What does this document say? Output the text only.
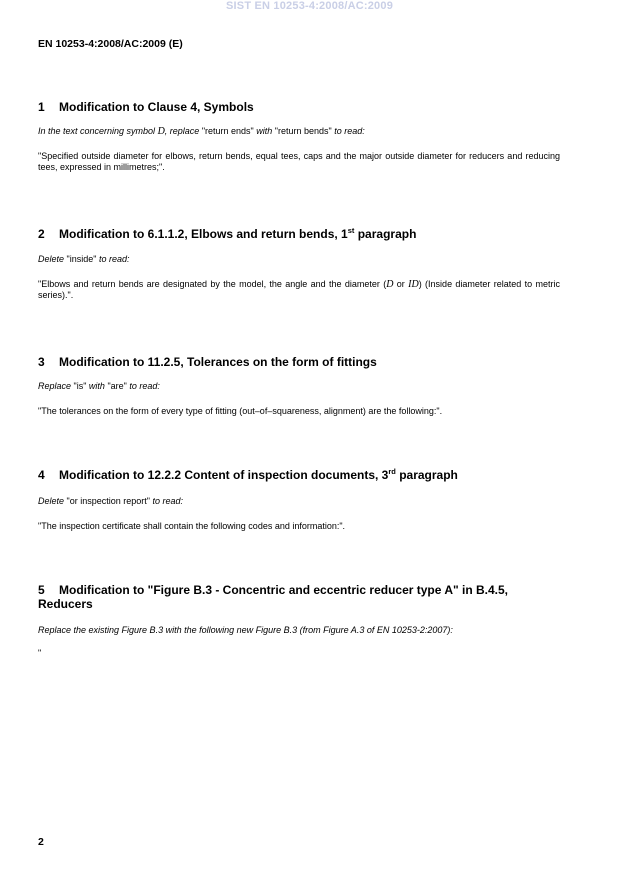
SIST EN 10253-4:2008/AC:2009
EN 10253-4:2008/AC:2009 (E)
1 Modification to Clause 4, Symbols
In the text concerning symbol D, replace "return ends" with "return bends" to read:
"Specified outside diameter for elbows, return bends, equal tees, caps and the major outside diameter for reducers and reducing tees, expressed in millimetres;".
2 Modification to 6.1.1.2, Elbows and return bends, 1st paragraph
Delete "inside" to read:
"Elbows and return bends are designated by the model, the angle and the diameter (D or ID) (Inside diameter related to metric series).".
3 Modification to 11.2.5, Tolerances on the form of fittings
Replace "is" with "are" to read:
"The tolerances on the form of every type of fitting (out–of–squareness, alignment) are the following:".
4 Modification to 12.2.2 Content of inspection documents, 3rd paragraph
Delete "or inspection report" to read:
"The inspection certificate shall contain the following codes and information:".
5 Modification to "Figure B.3 - Concentric and eccentric reducer type A" in B.4.5,
Reducers
Replace the existing Figure B.3 with the following new Figure B.3 (from Figure A.3 of EN 10253-2:2007):
"
2
